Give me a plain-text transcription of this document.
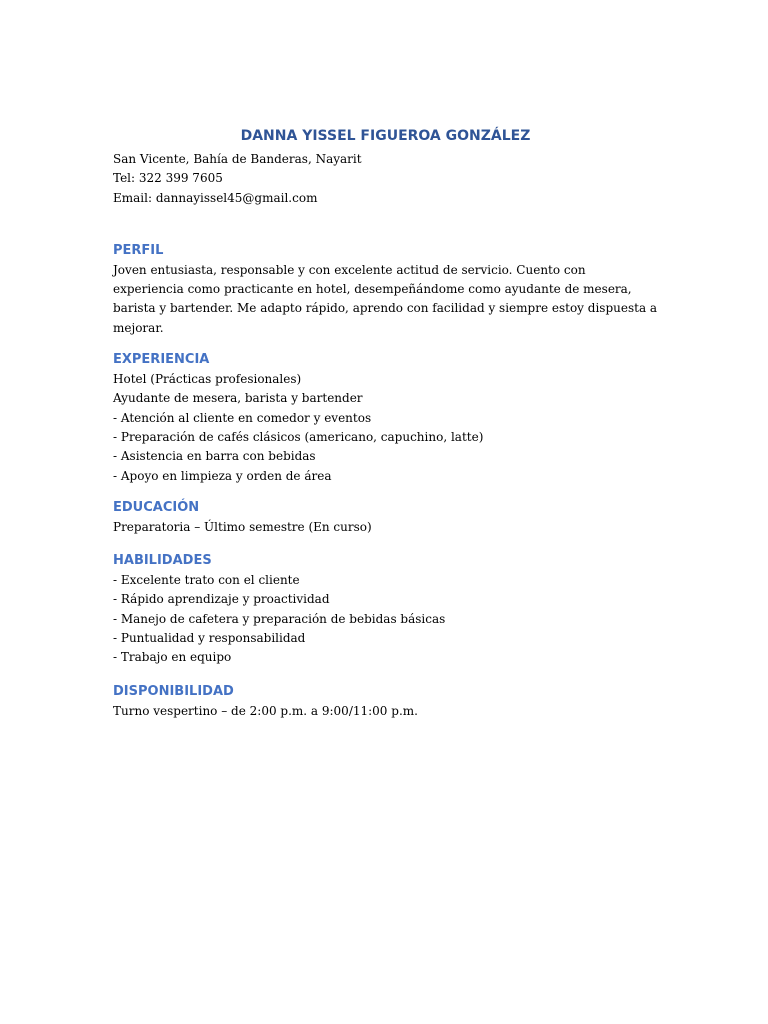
DANNA YISSEL FIGUEROA GONZÁLEZ

San Vicente, Bahía de Banderas, Nayarit

Tel: 322 399 7605

Email: dannayissel45@gmail.com

PERFIL

Joven entusiasta, responsable y con excelente actitud de servicio. Cuento con experiencia como practicante en hotel, desempeñándome como ayudante de mesera, barista y bartender. Me adapto rápido, aprendo con facilidad y siempre estoy dispuesta a mejorar.

EXPERIENCIA

Hotel (Prácticas profesionales)

Ayudante de mesera, barista y bartender

- Atención al cliente en comedor y eventos

- Preparación de cafés clásicos (americano, capuchino, latte)

- Asistencia en barra con bebidas

- Apoyo en limpieza y orden de área

EDUCACIÓN

Preparatoria – Último semestre (En curso)

HABILIDADES

- Excelente trato con el cliente

- Rápido aprendizaje y proactividad

- Manejo de cafetera y preparación de bebidas básicas

- Puntualidad y responsabilidad

- Trabajo en equipo

DISPONIBILIDAD

Turno vespertino – de 2:00 p.m. a 9:00/11:00 p.m.
